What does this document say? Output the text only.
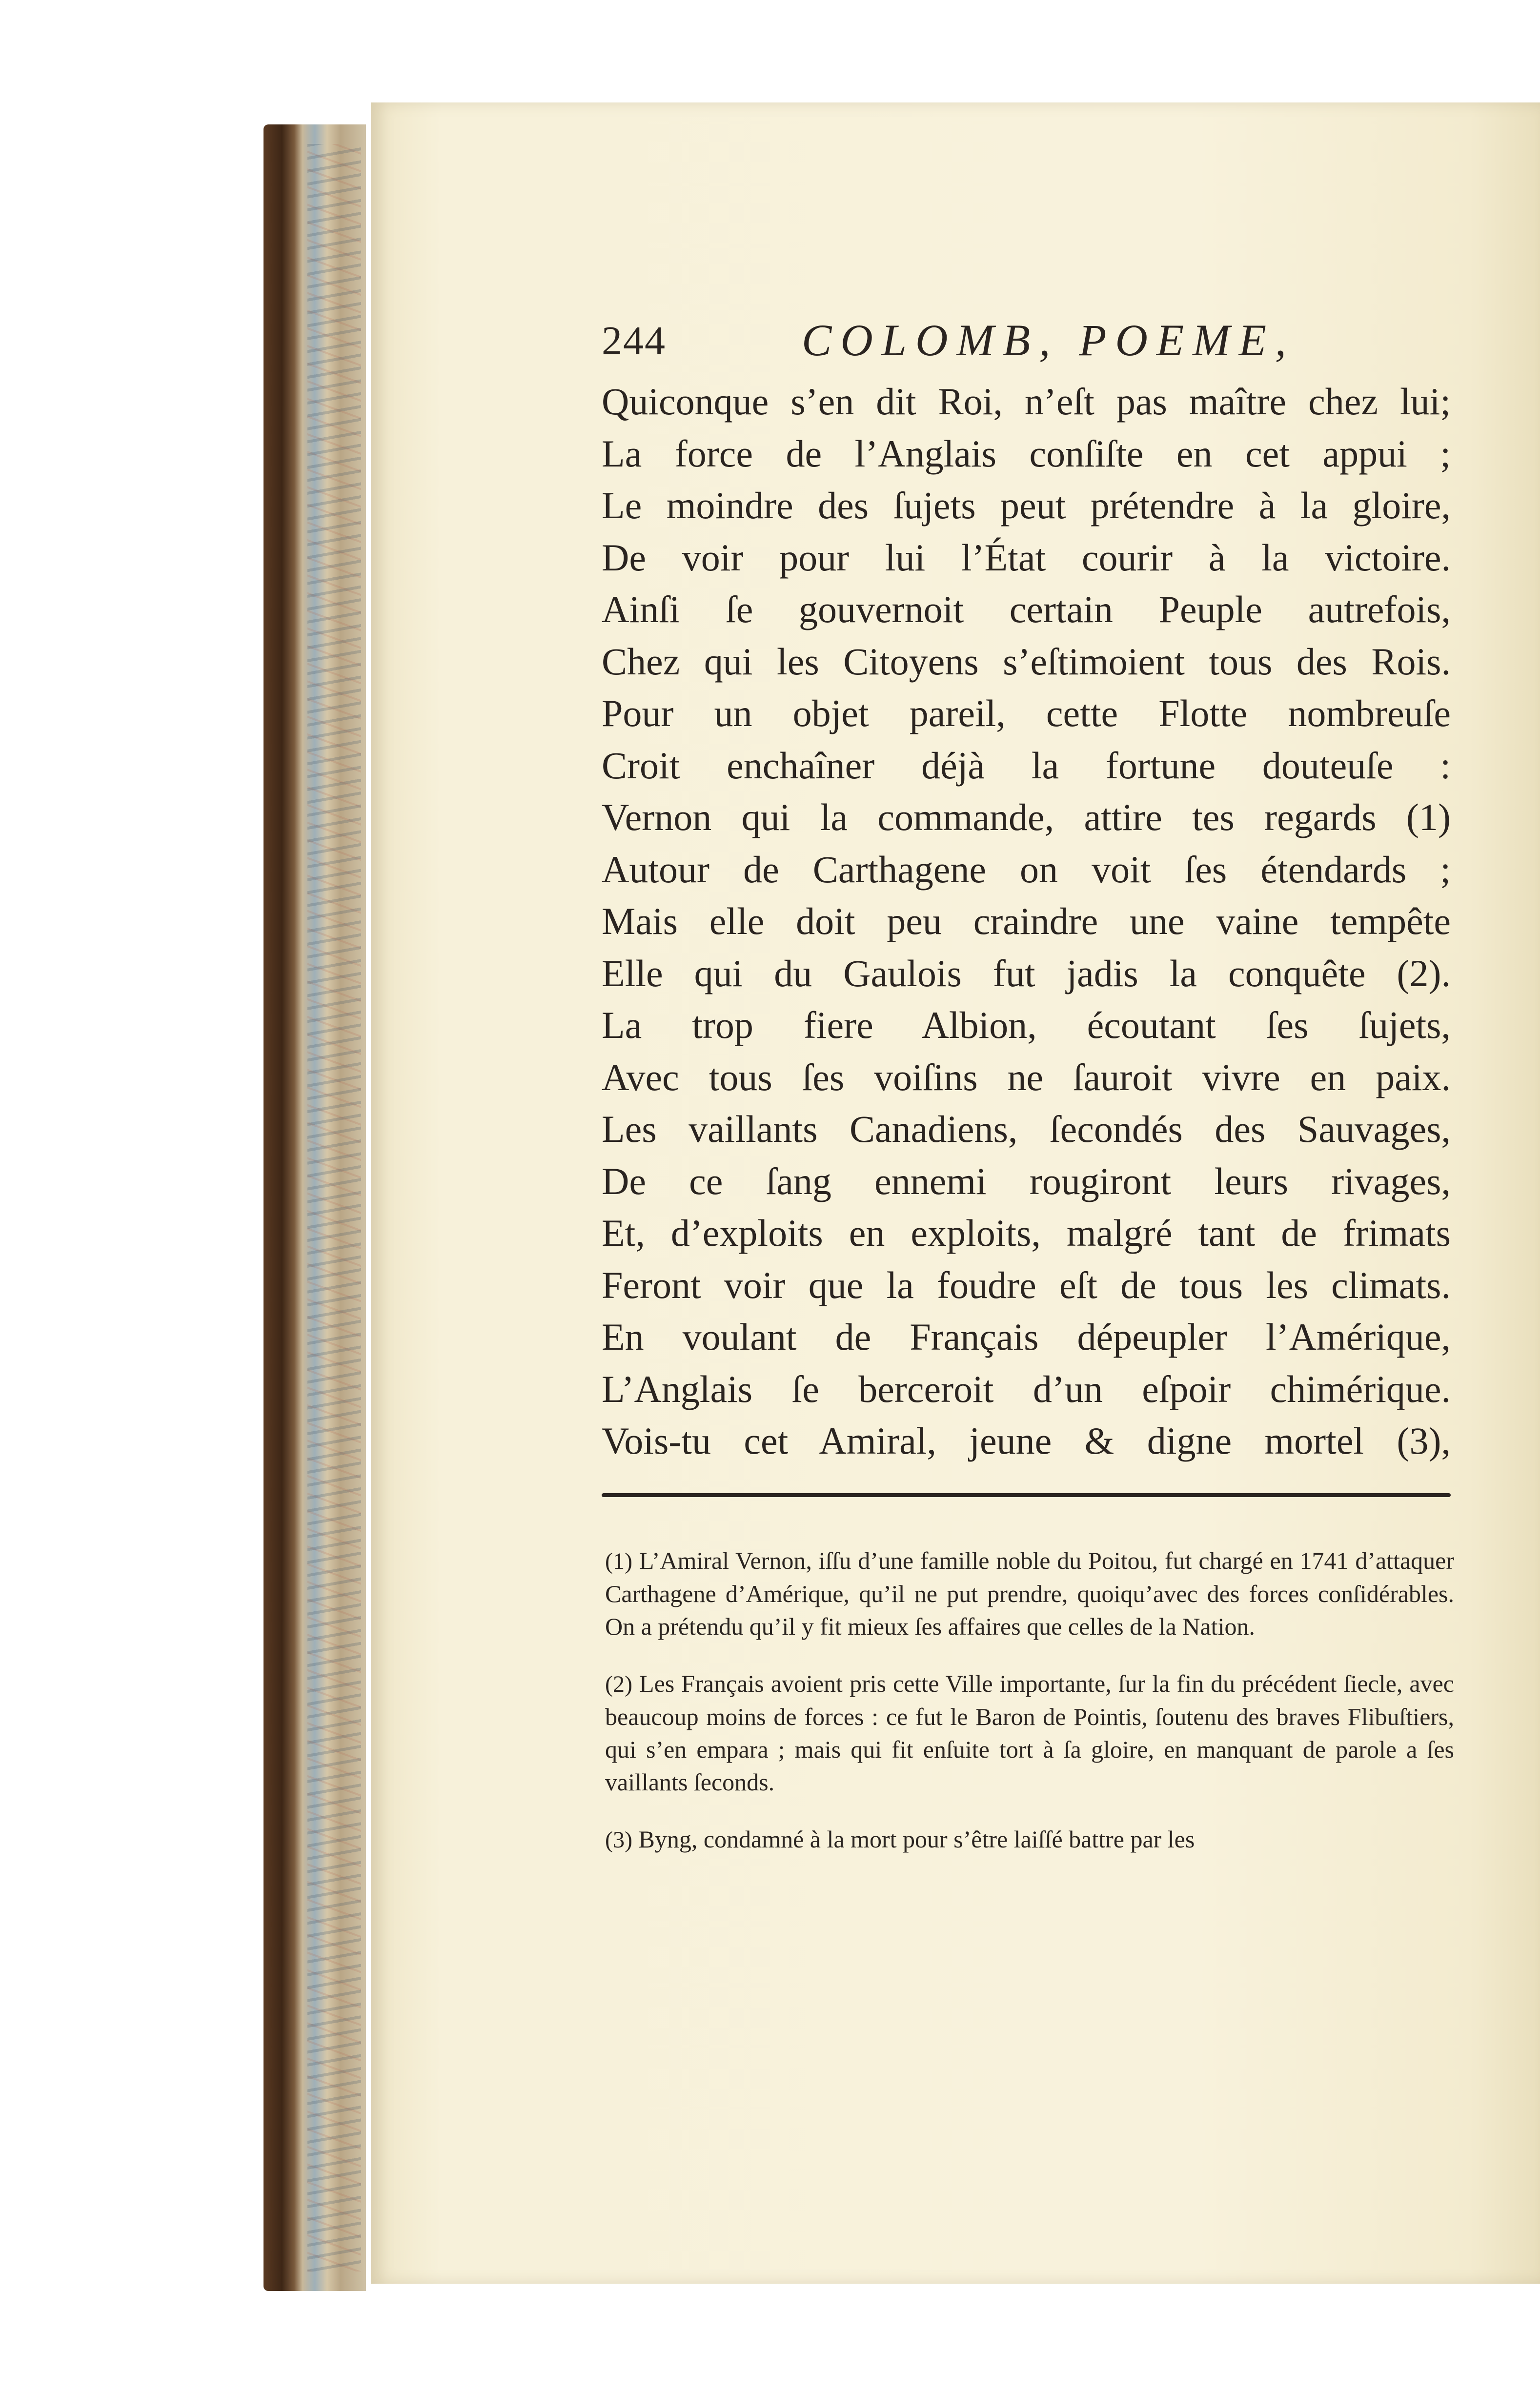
244	COLOMB, POEME,
Quiconque s’en dit Roi, n’eſt pas maître chez lui;
La force de l’Anglais conſiſte en cet appui ;
Le moindre des ſujets peut prétendre à la gloire,
De voir pour lui l’État courir à la victoire.
Ainſi ſe gouvernoit certain Peuple autrefois,
Chez qui les Citoyens s’eſtimoient tous des Rois.
Pour un objet pareil, cette Flotte nombreuſe
Croit enchaîner déjà la fortune douteuſe :
Vernon qui la commande, attire tes regards (1)
Autour de Carthagene on voit ſes étendards ;
Mais elle doit peu craindre une vaine tempête
Elle qui du Gaulois fut jadis la conquête (2).
La trop fiere Albion, écoutant ſes ſujets,
Avec tous ſes voiſins ne ſauroit vivre en paix.
Les vaillants Canadiens, ſecondés des Sauvages,
De ce ſang ennemi rougiront leurs rivages,
Et, d’exploits en exploits, malgré tant de frimats
Feront voir que la foudre eſt de tous les climats.
En voulant de Français dépeupler l’Amérique,
L’Anglais ſe berceroit d’un eſpoir chimérique.
Vois-tu cet Amiral, jeune & digne mortel (3),

(1) L’Amiral Vernon, iſſu d’une famille noble du Poitou, fut chargé en 1741 d’attaquer Carthagene d’Amérique, qu’il ne put prendre, quoiqu’avec des forces conſidérables. On a prétendu qu’il y fit mieux ſes affaires que celles de la Nation.

(2) Les Français avoient pris cette Ville importante, ſur la fin du précédent ſiecle, avec beaucoup moins de forces : ce fut le Baron de Pointis, ſoutenu des braves Flibuſtiers, qui s’en empara ; mais qui fit enſuite tort à ſa gloire, en manquant de parole a ſes vaillants ſeconds.

(3) Byng, condamné à la mort pour s’être laiſſé battre par les
